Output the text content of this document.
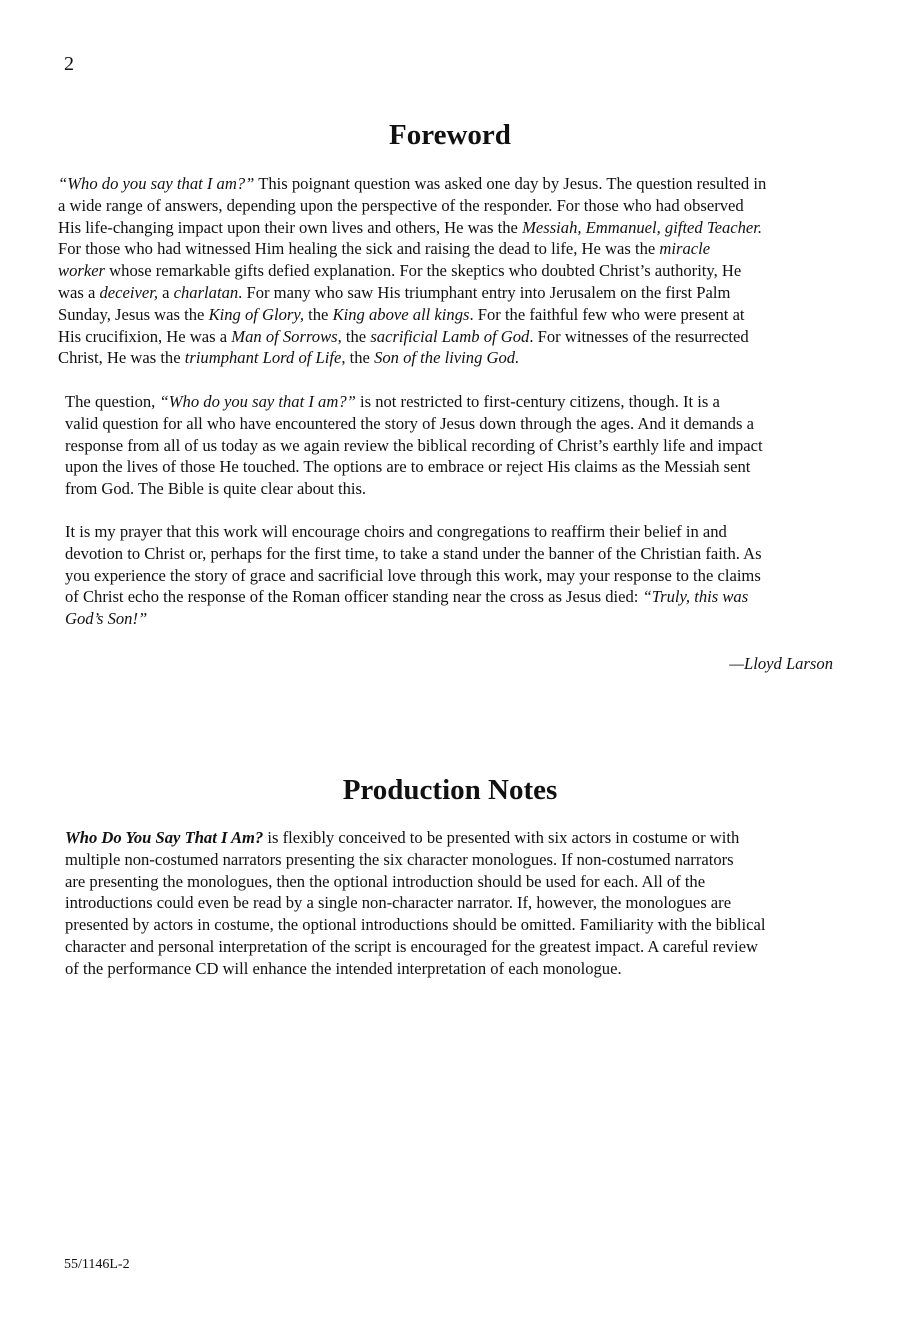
2
Foreword
“Who do you say that I am?” This poignant question was asked one day by Jesus. The question resulted in
a wide range of answers, depending upon the perspective of the responder. For those who had observed
His life-changing impact upon their own lives and others, He was the Messiah, Emmanuel, gifted Teacher.
For those who had witnessed Him healing the sick and raising the dead to life, He was the miracle
worker whose remarkable gifts defied explanation. For the skeptics who doubted Christ’s authority, He
was a deceiver, a charlatan. For many who saw His triumphant entry into Jerusalem on the first Palm
Sunday, Jesus was the King of Glory, the King above all kings. For the faithful few who were present at
His crucifixion, He was a Man of Sorrows, the sacrificial Lamb of God. For witnesses of the resurrected
Christ, He was the triumphant Lord of Life, the Son of the living God.
The question, “Who do you say that I am?” is not restricted to first-century citizens, though. It is a
valid question for all who have encountered the story of Jesus down through the ages. And it demands a
response from all of us today as we again review the biblical recording of Christ’s earthly life and impact
upon the lives of those He touched. The options are to embrace or reject His claims as the Messiah sent
from God. The Bible is quite clear about this.
It is my prayer that this work will encourage choirs and congregations to reaffirm their belief in and
devotion to Christ or, perhaps for the first time, to take a stand under the banner of the Christian faith. As
you experience the story of grace and sacrificial love through this work, may your response to the claims
of Christ echo the response of the Roman officer standing near the cross as Jesus died: “Truly, this was
God’s Son!”
—Lloyd Larson
Production Notes
Who Do You Say That I Am? is flexibly conceived to be presented with six actors in costume or with
multiple non-costumed narrators presenting the six character monologues. If non-costumed narrators
are presenting the monologues, then the optional introduction should be used for each. All of the
introductions could even be read by a single non-character narrator. If, however, the monologues are
presented by actors in costume, the optional introductions should be omitted. Familiarity with the biblical
character and personal interpretation of the script is encouraged for the greatest impact. A careful review
of the performance CD will enhance the intended interpretation of each monologue.
55/1146L-2
